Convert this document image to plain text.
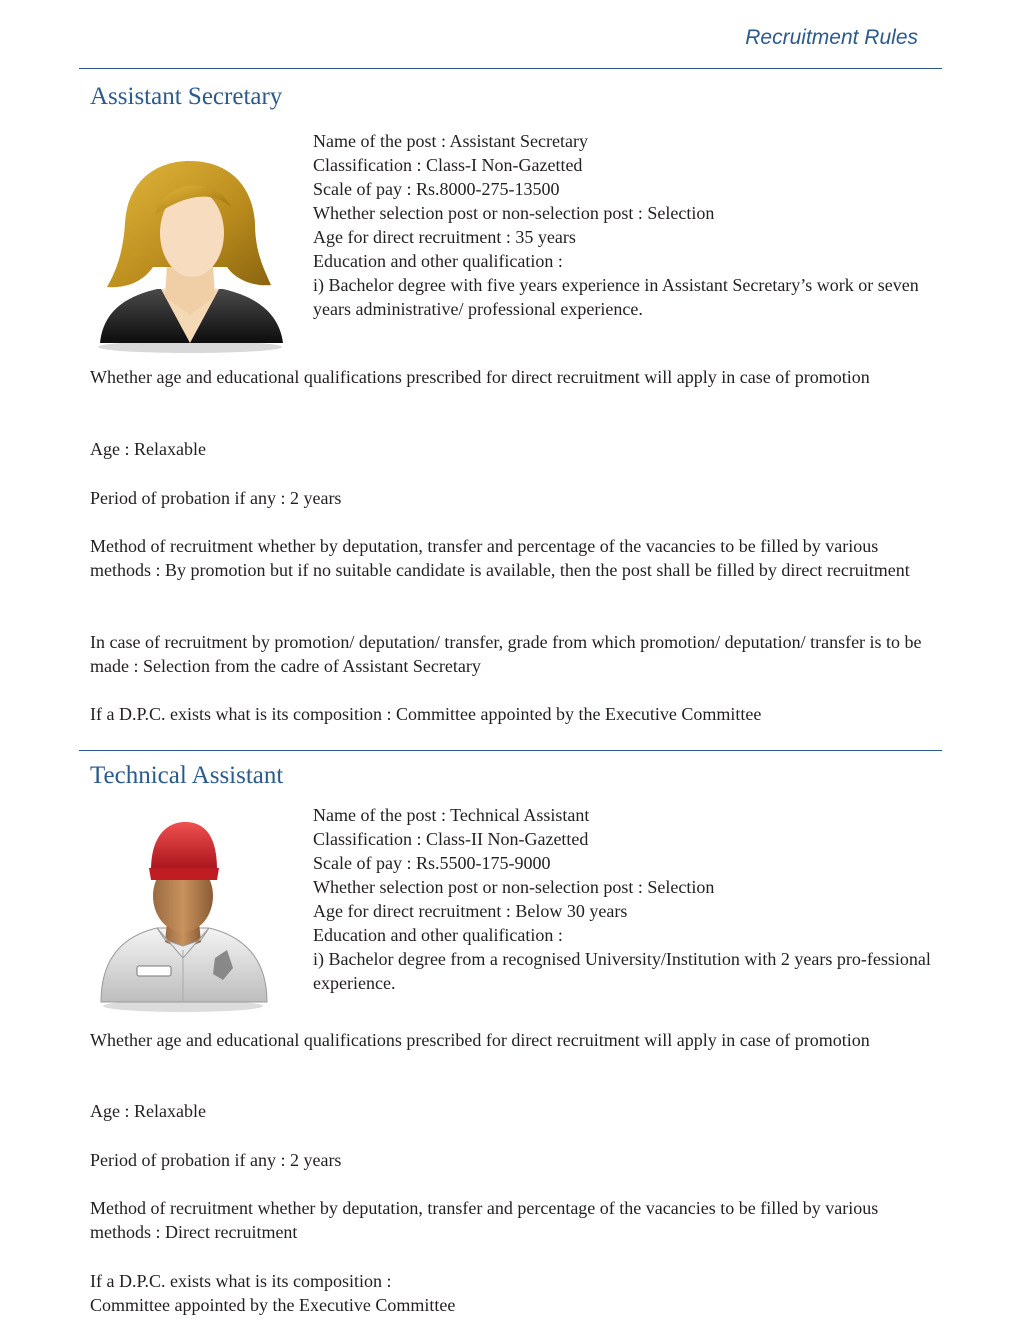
Recruitment Rules
Assistant Secretary
Name of the post : Assistant Secretary
Classification : Class-I Non-Gazetted
Scale of pay : Rs.8000-275-13500
Whether selection post or non-selection post : Selection
Age for direct recruitment : 35 years
Education and other qualification :
i) Bachelor degree with five years experience in Assistant Secretary’s work or seven years administrative/ professional experience.
Whether age and educational qualifications prescribed for direct recruitment will apply in case of promotion
Age : Relaxable
Period of probation if any : 2 years
Method of recruitment whether by deputation, transfer and percentage of the vacancies to be filled by various methods : By promotion but if no suitable candidate is available, then the post shall be filled by direct recruitment
In case of recruitment by promotion/ deputation/ transfer, grade from which promotion/ deputation/ transfer is to be made : Selection from the cadre of Assistant Secretary
If a D.P.C. exists what is its composition : Committee appointed by the Executive Committee
Technical Assistant
Name of the post : Technical Assistant
Classification : Class-II Non-Gazetted
Scale of pay : Rs.5500-175-9000
Whether selection post or non-selection post : Selection
Age for direct recruitment : Below 30 years
Education and other qualification :
i) Bachelor degree from a recognised University/Institution with 2 years pro-fessional experience.
Whether age and educational qualifications prescribed for direct recruitment will apply in case of promotion
Age : Relaxable
Period of probation if any : 2 years
Method of recruitment whether by deputation, transfer and percentage of the vacancies to be filled by various methods : Direct recruitment
If a D.P.C. exists what is its composition :
Committee appointed by the Executive Committee
